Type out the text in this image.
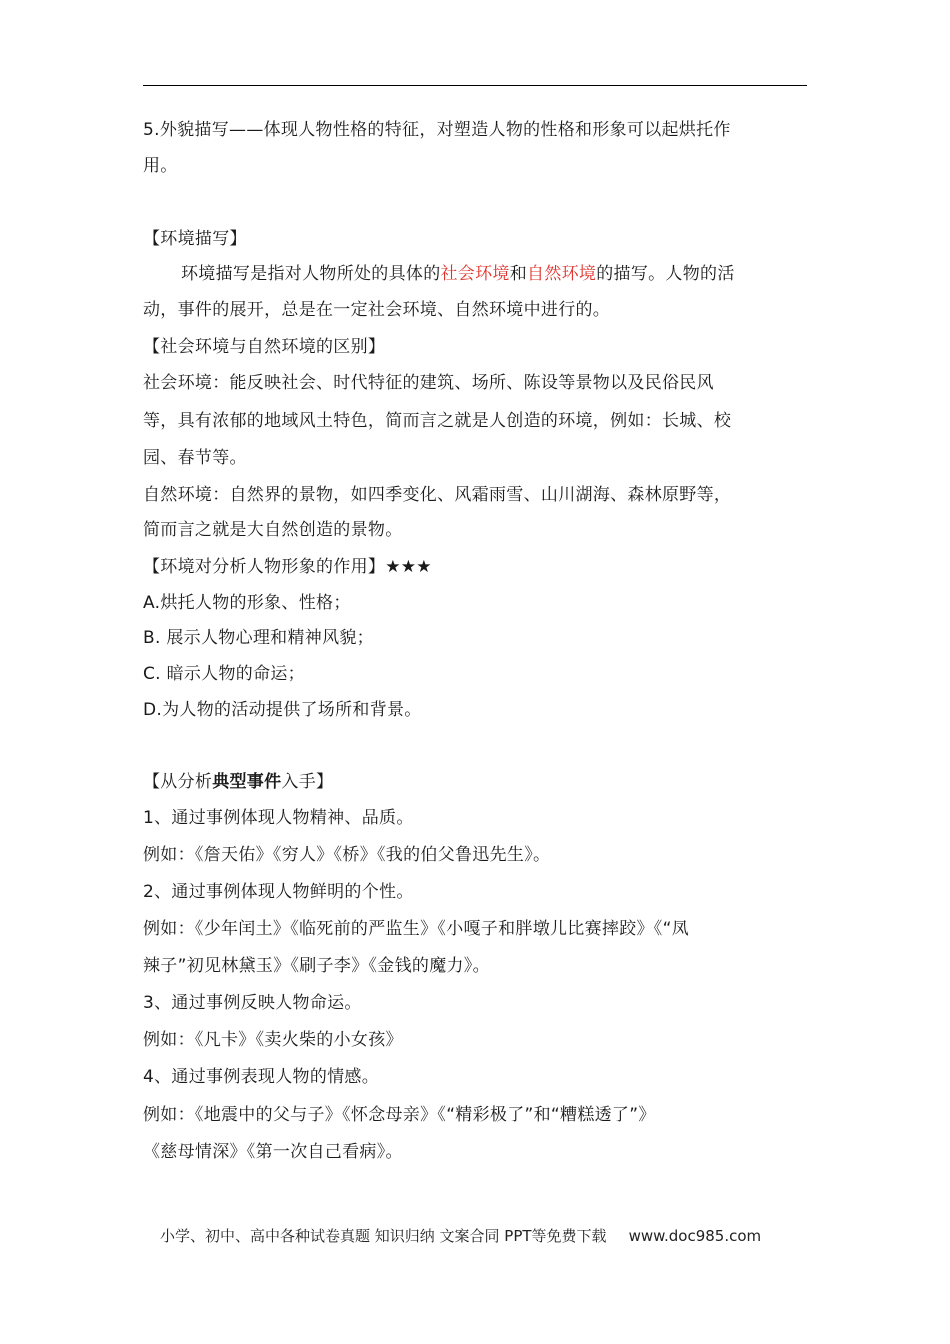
5.外貌描写——体现人物性格的特征，对塑造人物的性格和形象可以起烘托作
用。
【环境描写】
环境描写是指对人物所处的具体的社会环境和自然环境的描写。人物的活
动，事件的展开，总是在一定社会环境、自然环境中进行的。
【社会环境与自然环境的区别】
社会环境：能反映社会、时代特征的建筑、场所、陈设等景物以及民俗民风
等，具有浓郁的地域风土特色，简而言之就是人创造的环境，例如：长城、校
园、春节等。
自然环境：自然界的景物，如四季变化、风霜雨雪、山川湖海、森林原野等，
简而言之就是大自然创造的景物。
【环境对分析人物形象的作用】★★★
A.烘托人物的形象、性格；
B. 展示人物心理和精神风貌；
C. 暗示人物的命运；
D.为人物的活动提供了场所和背景。
【从分析典型事件入手】
1、通过事例体现人物精神、品质。
例如：《詹天佑》《穷人》《桥》《我的伯父鲁迅先生》。
2、通过事例体现人物鲜明的个性。
例如：《少年闰土》《临死前的严监生》《小嘎子和胖墩儿比赛摔跤》《“凤
辣子”初见林黛玉》《刷子李》《金钱的魔力》。
3、通过事例反映人物命运。
例如：《凡卡》《卖火柴的小女孩》
4、通过事例表现人物的情感。
例如：《地震中的父与子》《怀念母亲》《“精彩极了”和“糟糕透了”》
《慈母情深》《第一次自己看病》。
小学、初中、高中各种试卷真题 知识归纳 文案合同 PPT等免费下载 www.doc985.com
